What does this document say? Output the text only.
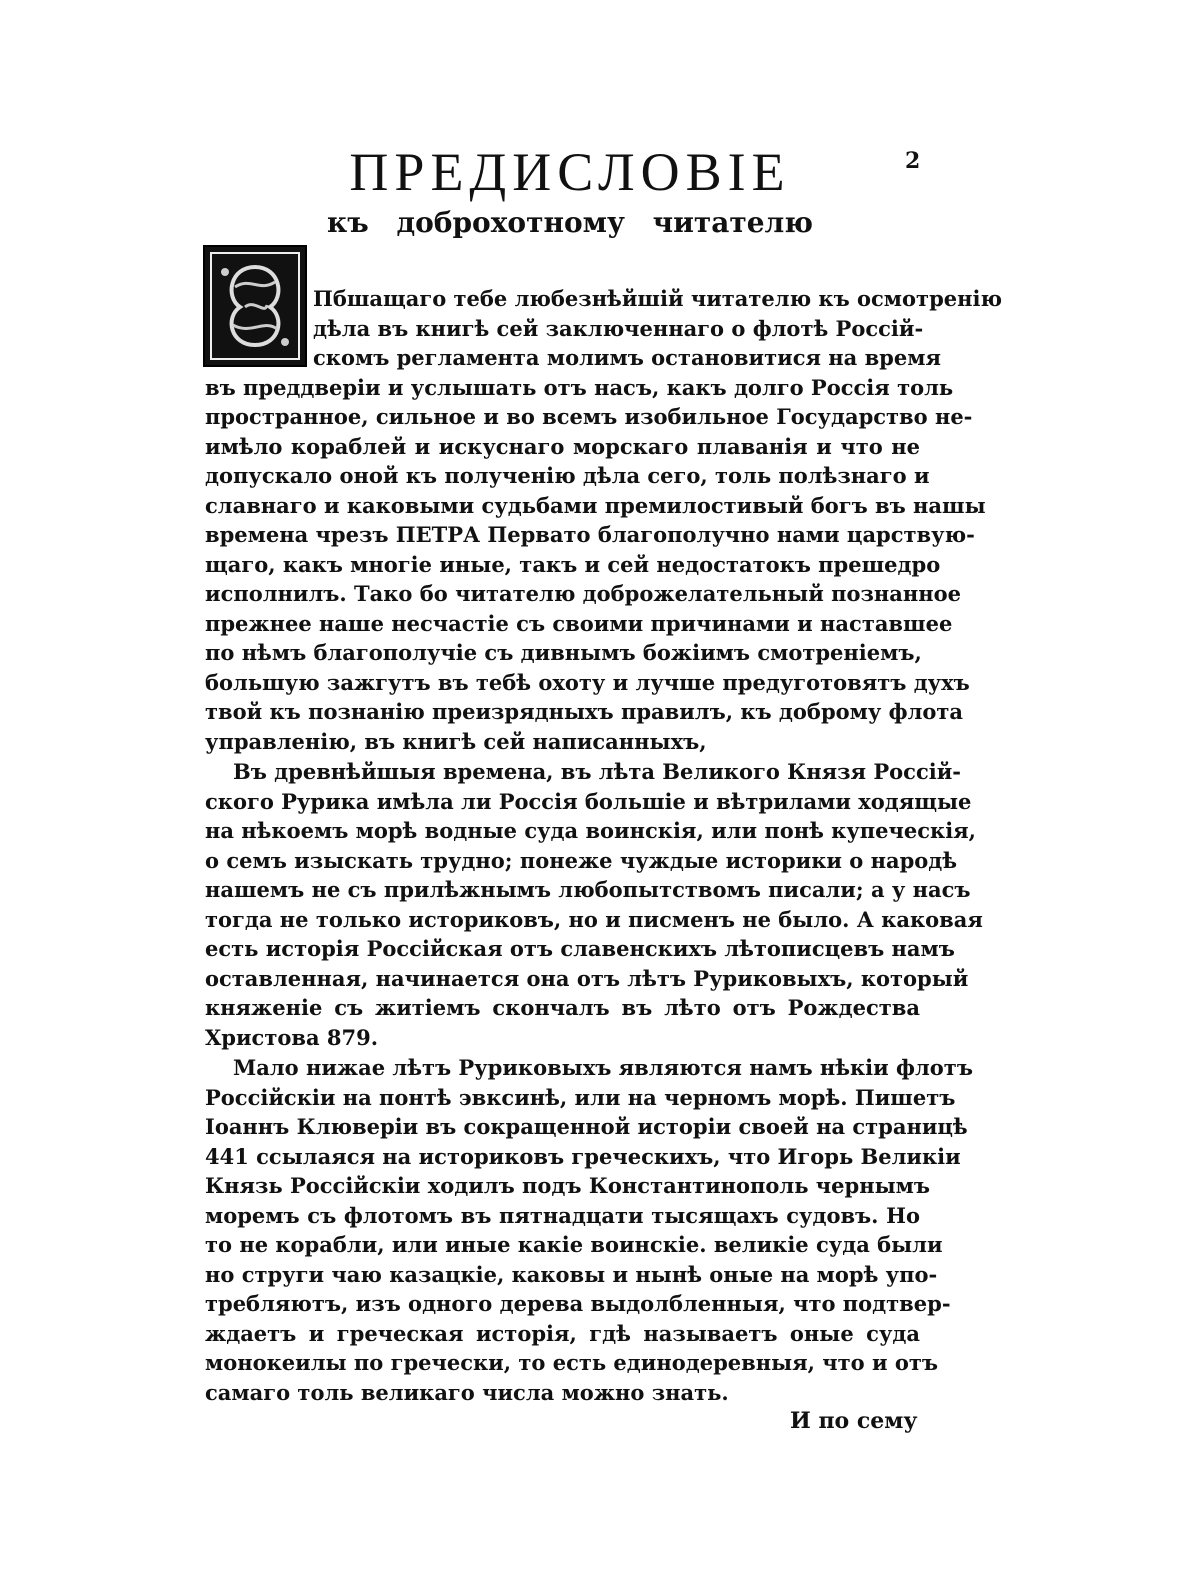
ПРЕДИСЛОВІЕ	2
къ доброхотному читателю
Пбшащаго тебе любезнѣйшій читателю къ осмотренію
дѣла въ книгѣ сей заключеннаго о флотѣ Россій-
скомъ регламента молимъ остановитися на время
въ преддверіи и услышать отъ насъ, какъ долго Россія толь
пространное, сильное и во всемъ изобильное Государство не-
имѣло кораблей и искуснаго морскаго плаванія и что не
допускало оной къ полученію дѣла сего, толь полѣзнаго и
славнаго и каковыми судьбами премилостивый богъ въ нашы
времена чрезъ ПЕТРА Первато благополучно нами царствую-
щаго, какъ многіе иные, такъ и сей недостатокъ прешедро
исполнилъ. Тако бо читателю доброжелательный познанное
прежнее наше несчастіе съ своими причинами и наставшее
по нѣмъ благополучіе съ дивнымъ божіимъ смотреніемъ,
большую зажгутъ въ тебѣ охоту и лучше предуготовятъ духъ
твой къ познанію преизрядныхъ правилъ, къ доброму флота
управленію, въ книгѣ сей написанныхъ,
Въ древнѣйшыя времена, въ лѣта Великого Князя Россій-
ского Рурика имѣла ли Россія большіе и вѣтрилами ходящые
на нѣкоемъ морѣ водные суда воинскія, или понѣ купеческія,
о семъ изыскать трудно; понеже чуждые историки о народѣ
нашемъ не съ прилѣжнымъ любопытствомъ писали; а у насъ
тогда не только историковъ, но и писменъ не было. А каковая
есть исторія Россійская отъ славенскихъ лѣтописцевъ намъ
оставленная, начинается она отъ лѣтъ Руриковыхъ, который
княженіе съ житіемъ скончалъ въ лѣто отъ Рождества
Христова 879.
Мало нижае лѣтъ Руриковыхъ являются намъ нѣкіи флотъ
Россійскіи на понтѣ эвксинѣ, или на черномъ морѣ. Пишетъ
Іоаннъ Клюверіи въ сокращенной исторіи своей на страницѣ
441 ссылаяся на историковъ греческихъ, что Игорь Великіи
Князь Россійскіи ходилъ подъ Константинополь чернымъ
моремъ съ флотомъ въ пятнадцати тысящахъ судовъ. Но
то не корабли, или иные какіе воинскіе. великіе суда были
но струги чаю казацкіе, каковы и нынѣ оные на морѣ упо-
требляютъ, изъ одного дерева выдолбленныя, что подтвер-
ждаетъ и греческая исторія, гдѣ называетъ оные суда
монокеилы по гречески, то есть единодеревныя, что и отъ
самаго толь великаго числа можно знать.
И по сему
